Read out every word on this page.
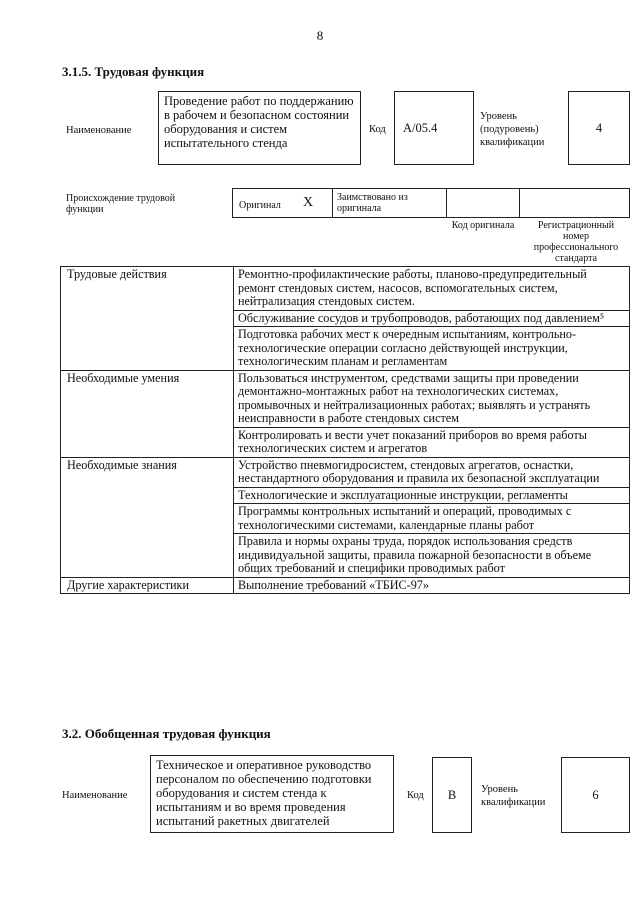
8
3.1.5. Трудовая функция
Наименование
Проведение работ по поддержанию в рабочем и безопасном состоянии оборудования и систем испытательного стенда
Код	A/05.4
Уровень (подуровень) квалификации
4
Происхождение трудовой функции	Оригинал X Заимствовано из оригинала
Код оригинала	Регистрационный номер профессионального стандарта
Трудовые действия	Ремонтно-профилактические работы, планово-предупредительный ремонт стендовых систем, насосов, вспомогательных систем, нейтрализация стендовых систем.
	Обслуживание сосудов и трубопроводов, работающих под давлением⁵
	Подготовка рабочих мест к очередным испытаниям, контрольно-технологические операции согласно действующей инструкции, технологическим планам и регламентам
Необходимые умения	Пользоваться инструментом, средствами защиты при проведении демонтажно-монтажных работ на технологических системах, промывочных и нейтрализационных работах; выявлять и устранять неисправности в работе стендовых систем
	Контролировать и вести учет показаний приборов во время работы технологических систем и агрегатов
Необходимые знания	Устройство пневмогидросистем, стендовых агрегатов, оснастки, нестандартного оборудования и правила их безопасной эксплуатации
	Технологические и эксплуатационные инструкции, регламенты
	Программы контрольных испытаний и операций, проводимых с технологическими системами, календарные планы работ
	Правила и нормы охраны труда, порядок использования средств индивидуальной защиты, правила пожарной безопасности в объеме общих требований и специфики проводимых работ
Другие характеристики	Выполнение требований «ТБИС-97»
3.2. Обобщенная трудовая функция
Наименование
Техническое и оперативное руководство персоналом по обеспечению подготовки оборудования и систем стенда к испытаниям и во время проведения испытаний ракетных двигателей
Код	B	Уровень квалификации
6
